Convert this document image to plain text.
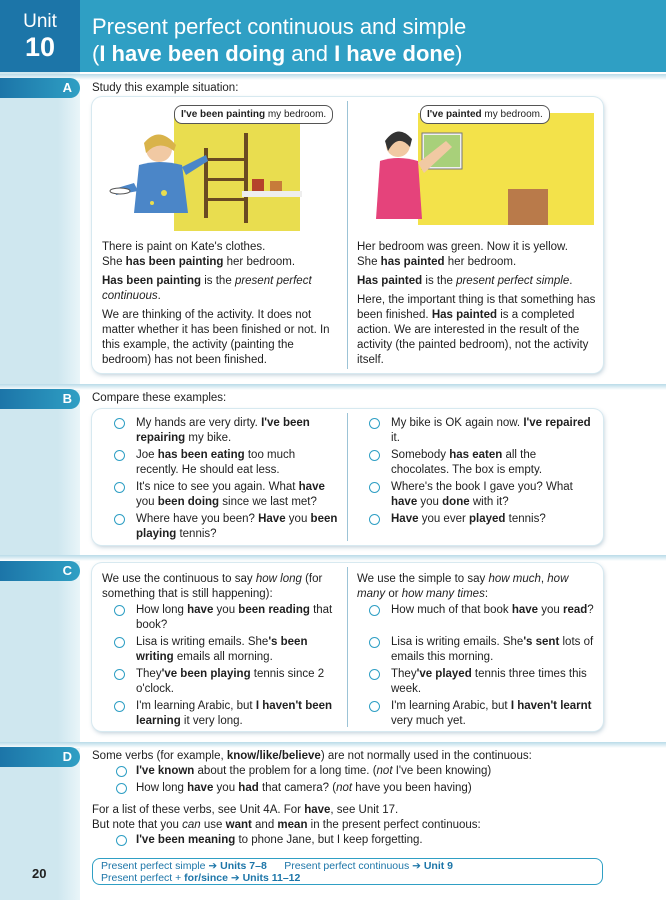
Unit
10
Present perfect continuous and simple
(I have been doing and I have done)
A Study this example situation:
I've been painting my bedroom.	I've painted my bedroom.

There is paint on Kate's clothes.
She has been painting her bedroom.

Has been painting is the present perfect continuous.

We are thinking of the activity. It does not matter whether it has been finished or not. In this example, the activity (painting the bedroom) has not been finished.

Her bedroom was green. Now it is yellow.
She has painted her bedroom.

Has painted is the present perfect simple.

Here, the important thing is that something has been finished. Has painted is a completed action. We are interested in the result of the activity (the painted bedroom), not the activity itself.

B Compare these examples:
My hands are very dirty. I've been repairing my bike.
Joe has been eating too much recently. He should eat less.
It's nice to see you again. What have you been doing since we last met?
Where have you been? Have you been playing tennis?
My bike is OK again now. I've repaired it.
Somebody has eaten all the chocolates. The box is empty.
Where's the book I gave you? What have you done with it?
Have you ever played tennis?
C
We use the continuous to say how long (for something that is still happening):
How long have you been reading that book?
Lisa is writing emails. She's been writing emails all morning.
They've been playing tennis since 2 o'clock.
I'm learning Arabic, but I haven't been learning it very long.
We use the simple to say how much, how many or how many times:
How much of that book have you read?
Lisa is writing emails. She's sent lots of emails this morning.
They've played tennis three times this week.
I'm learning Arabic, but I haven't learnt very much yet.
D Some verbs (for example, know/like/believe) are not normally used in the continuous:
I've known about the problem for a long time. (not I've been knowing)
How long have you had that camera? (not have you been having)
For a list of these verbs, see Unit 4A. For have, see Unit 17.
But note that you can use want and mean in the present perfect continuous:
I've been meaning to phone Jane, but I keep forgetting.
20	Present perfect simple ➔ Units 7–8      Present perfect continuous ➔ Unit 9
Present perfect + for/since ➔ Units 11–12
